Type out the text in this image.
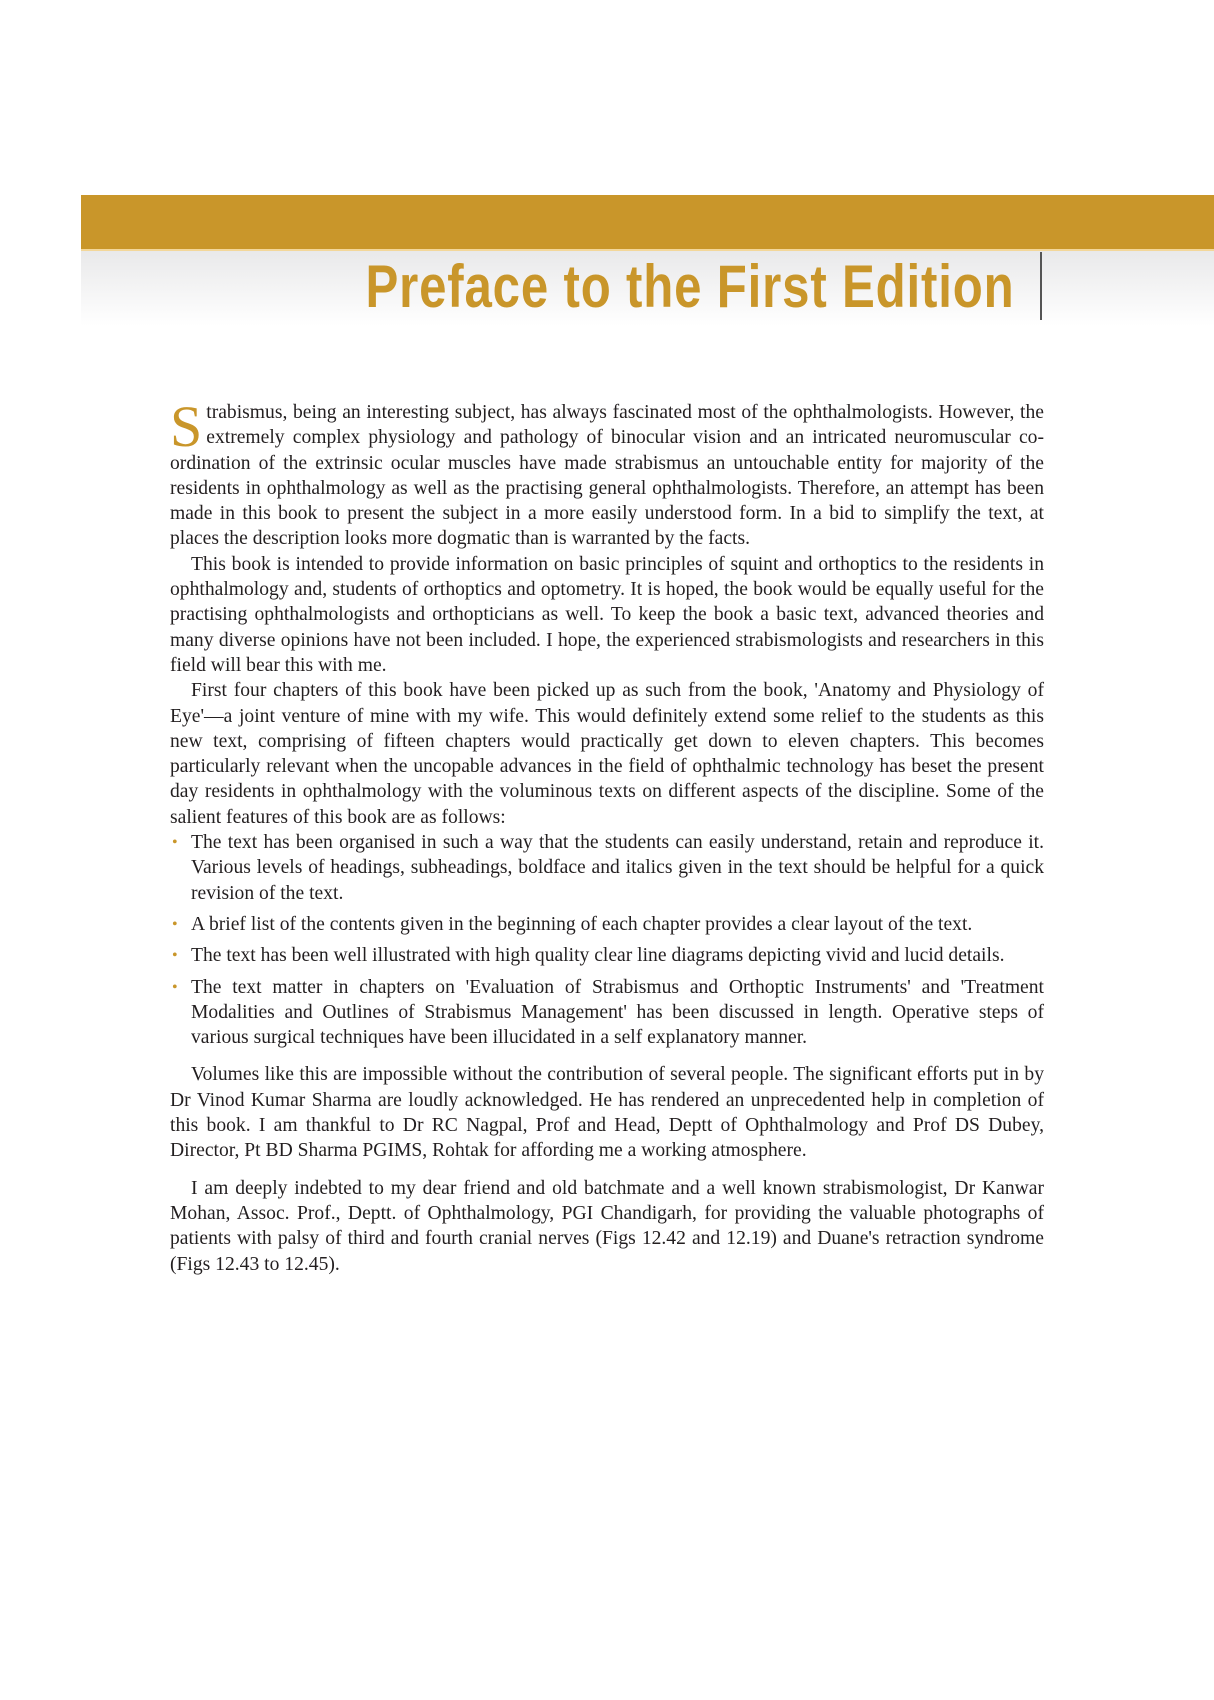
Preface to the First Edition

Strabismus, being an interesting subject, has always fascinated most of the ophthalmologists. However, the extremely complex physiology and pathology of binocular vision and an intricated neuromuscular co-ordination of the extrinsic ocular muscles have made strabismus an untouchable entity for majority of the residents in ophthalmology as well as the practising general ophthalmologists. Therefore, an attempt has been made in this book to present the subject in a more easily understood form. In a bid to simplify the text, at places the description looks more dogmatic than is warranted by the facts.

This book is intended to provide information on basic principles of squint and orthoptics to the residents in ophthalmology and, students of orthoptics and optometry. It is hoped, the book would be equally useful for the practising ophthalmologists and orthopticians as well. To keep the book a basic text, advanced theories and many diverse opinions have not been included. I hope, the experienced strabismologists and researchers in this field will bear this with me.

First four chapters of this book have been picked up as such from the book, 'Anatomy and Physiology of Eye'—a joint venture of mine with my wife. This would definitely extend some relief to the students as this new text, comprising of fifteen chapters would practically get down to eleven chapters. This becomes particularly relevant when the uncopable advances in the field of ophthalmic technology has beset the present day residents in ophthalmology with the voluminous texts on different aspects of the discipline. Some of the salient features of this book are as follows:

• The text has been organised in such a way that the students can easily understand, retain and reproduce it. Various levels of headings, subheadings, boldface and italics given in the text should be helpful for a quick revision of the text.
• A brief list of the contents given in the beginning of each chapter provides a clear layout of the text.
• The text has been well illustrated with high quality clear line diagrams depicting vivid and lucid details.
• The text matter in chapters on 'Evaluation of Strabismus and Orthoptic Instruments' and 'Treatment Modalities and Outlines of Strabismus Management' has been discussed in length. Operative steps of various surgical techniques have been illucidated in a self explanatory manner.

Volumes like this are impossible without the contribution of several people. The significant efforts put in by Dr Vinod Kumar Sharma are loudly acknowledged. He has rendered an unprecedented help in completion of this book. I am thankful to Dr RC Nagpal, Prof and Head, Deptt of Ophthalmology and Prof DS Dubey, Director, Pt BD Sharma PGIMS, Rohtak for affording me a working atmosphere.

I am deeply indebted to my dear friend and old batchmate and a well known strabismologist, Dr Kanwar Mohan, Assoc. Prof., Deptt. of Ophthalmology, PGI Chandigarh, for providing the valuable photographs of patients with palsy of third and fourth cranial nerves (Figs 12.42 and 12.19) and Duane's retraction syndrome (Figs 12.43 to 12.45).
